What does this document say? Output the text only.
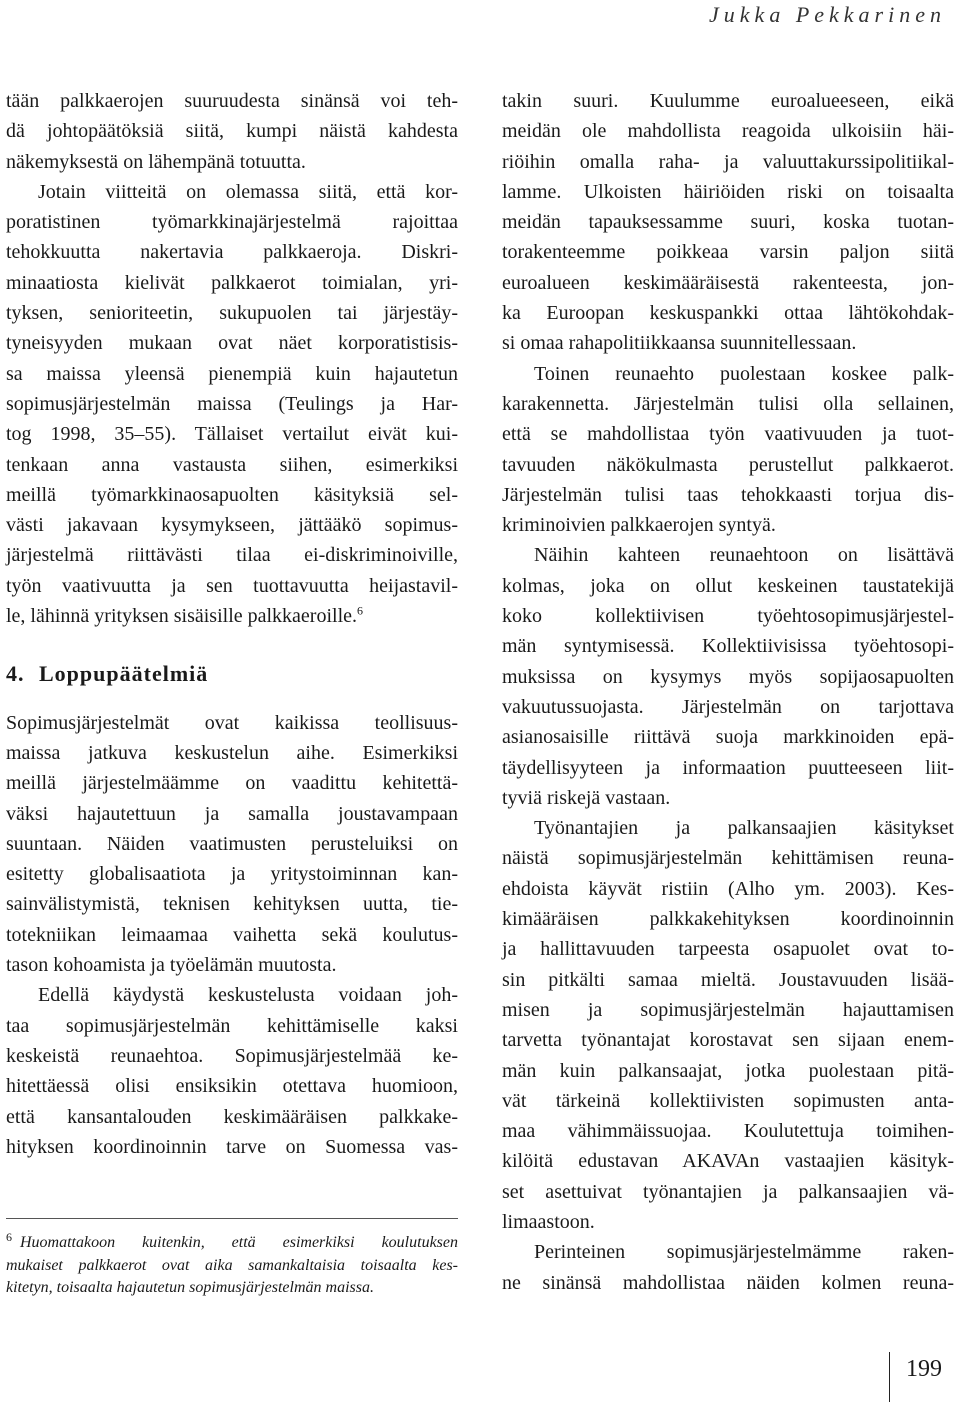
Jukka Pekkarinen
tään palkkaerojen suuruudesta sinänsä voi teh-
dä johtopäätöksiä siitä, kumpi näistä kahdesta
näkemyksestä on lähempänä totuutta.
Jotain viitteitä on olemassa siitä, että kor-
poratistinen työmarkkinajärjestelmä rajoittaa
tehokkuutta nakertavia palkkaeroja. Diskri-
minaatiosta kielivät palkkaerot toimialan, yri-
tyksen, senioriteetin, sukupuolen tai järjestäy-
tyneisyyden mukaan ovat näet korporatistisis-
sa maissa yleensä pienempiä kuin hajautetun
sopimusjärjestelmän maissa (Teulings ja Har-
tog 1998, 35–55). Tällaiset vertailut eivät kui-
tenkaan anna vastausta siihen, esimerkiksi
meillä työmarkkinaosapuolten käsityksiä sel-
västi jakavaan kysymykseen, jättääkö sopimus-
järjestelmä riittävästi tilaa ei-diskriminoiville,
työn vaativuutta ja sen tuottavuutta heijastavil-
le, lähinnä yrityksen sisäisille palkkaeroille.$^6$
4. Loppupäätelmiä
Sopimusjärjestelmät ovat kaikissa teollisuus-
maissa jatkuva keskustelun aihe. Esimerkiksi
meillä järjestelmäämme on vaadittu kehitettä-
väksi hajautettuun ja samalla joustavampaan
suuntaan. Näiden vaatimusten perusteluiksi on
esitetty globalisaatiota ja yritystoiminnan kan-
sainvälistymistä, teknisen kehityksen uutta, tie-
totekniikan leimaamaa vaihetta sekä koulutus-
tason kohoamista ja työelämän muutosta.
Edellä käydystä keskustelusta voidaan joh-
taa sopimusjärjestelmän kehittämiselle kaksi
keskeistä reunaehtoa. Sopimusjärjestelmää ke-
hitettäessä olisi ensiksikin otettava huomioon,
että kansantalouden keskimääräisen palkkake-
hityksen koordinoinnin tarve on Suomessa vas-
$^6$ Huomattakoon kuitenkin, että esimerkiksi koulutuksen
mukaiset palkkaerot ovat aika samankaltaisia toisaalta kes-
kitetyn, toisaalta hajautetun sopimusjärjestelmän maissa.
takin suuri. Kuulumme euroalueeseen, eikä
meidän ole mahdollista reagoida ulkoisiin häi-
riöihin omalla raha- ja valuuttakurssipolitiikal-
lamme. Ulkoisten häiriöiden riski on toisaalta
meidän tapauksessamme suuri, koska tuotan-
torakenteemme poikkeaa varsin paljon siitä
euroalueen keskimääräisestä rakenteesta, jon-
ka Euroopan keskuspankki ottaa lähtökohdak-
si omaa rahapolitiikkaansa suunnitellessaan.
Toinen reunaehto puolestaan koskee palk-
karakennetta. Järjestelmän tulisi olla sellainen,
että se mahdollistaa työn vaativuuden ja tuot-
tavuuden näkökulmasta perustellut palkkaerot.
Järjestelmän tulisi taas tehokkaasti torjua dis-
kriminoivien palkkaerojen syntyä.
Näihin kahteen reunaehtoon on lisättävä
kolmas, joka on ollut keskeinen taustatekijä
koko kollektiivisen työehtosopimusjärjestel-
män syntymisessä. Kollektiivisissa työehtosopi-
muksissa on kysymys myös sopijaosapuolten
vakuutussuojasta. Järjestelmän on tarjottava
asianosaisille riittävä suoja markkinoiden epä-
täydellisyyteen ja informaation puutteeseen liit-
tyviä riskejä vastaan.
Työnantajien ja palkansaajien käsitykset
näistä sopimusjärjestelmän kehittämisen reuna-
ehdoista käyvät ristiin (Alho ym. 2003). Kes-
kimääräisen palkkakehityksen koordinoinnin
ja hallittavuuden tarpeesta osapuolet ovat to-
sin pitkälti samaa mieltä. Joustavuuden lisää-
misen ja sopimusjärjestelmän hajauttamisen
tarvetta työnantajat korostavat sen sijaan enem-
män kuin palkansaajat, jotka puolestaan pitä-
vät tärkeinä kollektiivisten sopimusten anta-
maa vähimmäissuojaa. Koulutettuja toimihen-
kilöitä edustavan AKAVAn vastaajien käsityk-
set asettuivat työnantajien ja palkansaajien vä-
limaastoon.
Perinteinen sopimusjärjestelmämme raken-
ne sinänsä mahdollistaa näiden kolmen reuna-
199
